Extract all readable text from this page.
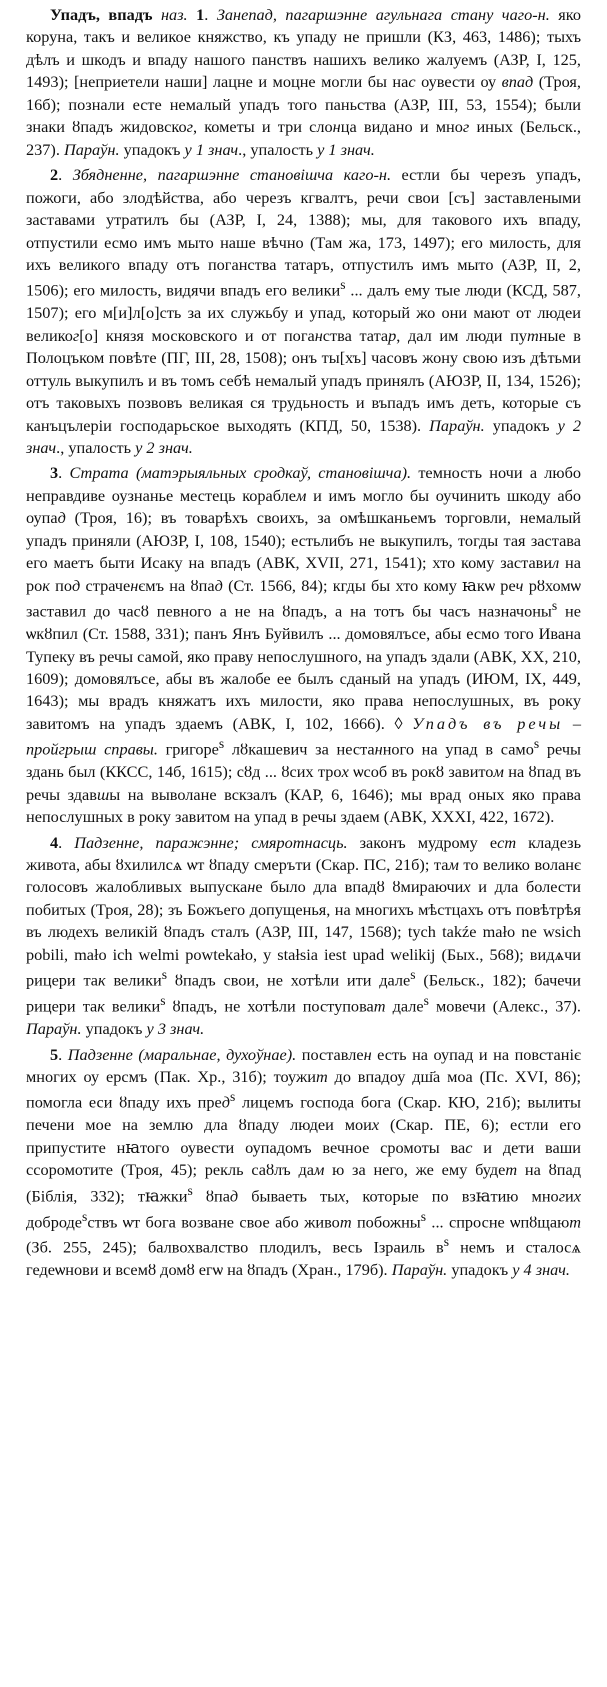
Упадъ, впадъ наз. 1. Занепад, пагаршэнне агульнага стану чаго-н. яко коруна, такъ и великое княжство, къ упаду не пришли (КЗ, 463, 1486); тыхъ дѣлъ и шкодъ и впаду нашого панствъ нашихъ велико жалуемъ (АЗР, I, 125, 1493); [неприетели наши] лацне и моцне могли бы нас оувести оу впад (Троя, 16б); познали есте немалый упадъ того паньства (АЗР, III, 53, 1554); были знаки ȣпадъ жидовског, кометы и три слонца видано и мног иных (Бельск., 237). Параўн. упадокъ у 1 знач., упалость у 1 знач.

2. Збядненне, пагаршэнне становішча каго-н. естли бы черезъ упадъ, пожоги, або злодѣйства, або черезъ кгвалтъ, речи свои [съ] заставлеными заставами утратилъ бы (АЗР, I, 24, 1388); мы, для такового ихъ впаду, отпустили есмо имъ мыто наше вѣчно (Там жа, 173, 1497); его милость, для ихъ великого впаду отъ поганства татаръ, отпустилъ имъ мыто (АЗР, II, 2, 1506); его милость, видячи впадъ его велики$^ѕ$ ... далъ ему тые люди (КСД, 587, 1507); его м[и]л[о]сть за их служьбу и упад, который жо они мают от людеи великог[о] князя московского и от поганства татар, дал им люди путные в Полоцъком повѣте (ПГ, III, 28, 1508); онъ ты[хъ] часовъ жону свою изъ дѣтьми оттуль выкупилъ и въ томъ себѣ немалый упадъ принялъ (АЮЗР, II, 134, 1526); отъ таковыхъ позвовъ великая ся трудьность и въпадъ имъ деть, которые съ канъцълеріи господарьское выходять (КПД, 50, 1538). Параўн. упадокъ у 2 знач., упалость у 2 знач.

3. Страта (матэрыяльных сродкаў, становішча). темность ночи а любо неправдиве оузнанье местець кораблем и имъ могло бы оучинить шкоду або оупад (Троя, 16); въ товарѣхъ своихъ, за омѣшканьемъ торговли, немалый упадъ приняли (АЮЗР, I, 108, 1540); естьлибъ не выкупилъ, тогды тая застава его маетъ быти Исаку на впадъ (АВК, XVII, 271, 1541); хто кому заставил на рок под страченємъ на ȣпад (Ст. 1566, 84); кгды бы хто кому ꙗкѡ реч рȣхомѡ заставил до часȣ певного а не на ȣпадъ, а на тотъ бы часъ назначоны$^ѕ$ не ѡкȣпил (Ст. 1588, 331); панъ Янъ Буйвилъ ... домовялъсе, абы есмо того Ивана Тупеку въ речы самой, яко праву непослушного, на упадъ здали (АВК, XX, 210, 1609); домовялъсе, абы въ жалобе ее былъ сданый на упадъ (ИЮМ, IX, 449, 1643); мы врадъ княжатъ ихъ милости, яко права непослушных, въ року завитомъ на упадъ здаемъ (АВК, I, 102, 1666). ◊ Упадъ въ речы – пройгрыш справы. григоре$^ѕ$ лȣкашевич за нестанного на упад в само$^ѕ$ речы здань был (ККСС, 14б, 1615); сȣд ... ȣсих трох ѡсоб въ рокȣ завитом на ȣпад въ речы здавшы на выволане вскзалъ (КАР, 6, 1646); мы врад оных яко права непослушных в року завитом на упад в речы здаем (АВК, XXXI, 422, 1672).

4. Падзенне, паражэнне; смяротнасць. законъ мудрому ест кладезь живота, абы ȣхилилсѧ ѡт ȣпаду смеръти (Скар. ПС, 21б); там то велико воланє голосовъ жалобливых выпускане было дла впадȣ ȣмираючих и дла болести побитых (Троя, 28); зъ Божъего допущенья, на многихъ мѣстцахъ отъ повѣтрѣя въ людехъ великій ȣпадъ сталъ (АЗР, III, 147, 1568); tych takźe mało ne wsich pobili, mało ich welmi powtekało, y stałsia iest upad welikij (Бых., 568); видѧчи рицери так велики$^ѕ$ ȣпадъ свои, не хотѣли ити дале$^ѕ$ (Бельск., 182); бачечи рицери так велики$^ѕ$ ȣпадъ, не хотѣли поступоват дале$^ѕ$ мовечи (Алекс., 37). Параўн. упадокъ у 3 знач.

5. Падзенне (маральнае, духоўнае). поставлен есть на оупад и на повстаніє многих оу ерсмъ (Пак. Хр., 31б); тоужит до впадоу дш҃а моа (Пс. XVI, 86); помогла еси ȣпаду ихъ пред$^ѕ$ лицемъ господа бога (Скар. КЮ, 21б); вылиты печени мое на землю дла ȣпаду людеи моих (Скар. ПЕ, 6); естли его припустите нꙗтого оувести оупадомъ вечное сромоты вас и дети ваши ссоромотите (Троя, 45); рекль саȣлъ дам ю за него, же ему будет на ȣпад (Біблія, 332); тꙗжки$^ѕ$ ȣпад бываеть тых, которые по взꙗтию многих доброде$^ѕ$ствъ ѡт бога возване свое або живот побожны$^ѕ$ ... спросне ѡпȣщают (Зб. 255, 245); балвохвалство плодилъ, весь Ізраиль $в^ѕ$ немъ и сталосѧ гедеѡнови и всемȣ домȣ егѡ на ȣпадъ (Хран., 179б). Параўн. упадокъ у 4 знач.
